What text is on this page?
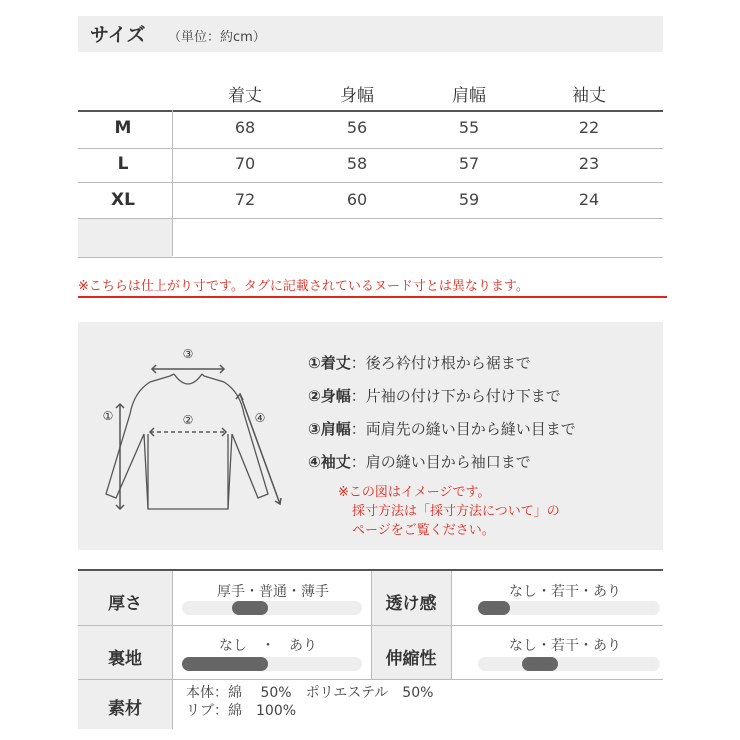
サイズ （単位：約cm）
着丈	身幅	肩幅	袖丈
M	68	56	55	22
L	70	58	57	23
XL	72	60	59	24
※こちらは仕上がり寸です。タグに記載されているヌード寸とは異なります。
③
①	②	④
①着丈：後ろ衿付け根から裾まで
②身幅：片袖の付け下から付け下まで
③肩幅：両肩先の縫い目から縫い目まで
④袖丈：肩の縫い目から袖口まで
※この図はイメージです。
採寸方法は「採寸方法について」の
ページをご覧ください。
厚さ
厚手・普通・薄手
透け感
なし・若干・あり
裏地
なし　・　あり
伸縮性
なし・若干・あり
素材
本体：綿　 50%　ポリエステル　50%
リブ：綿　100%
